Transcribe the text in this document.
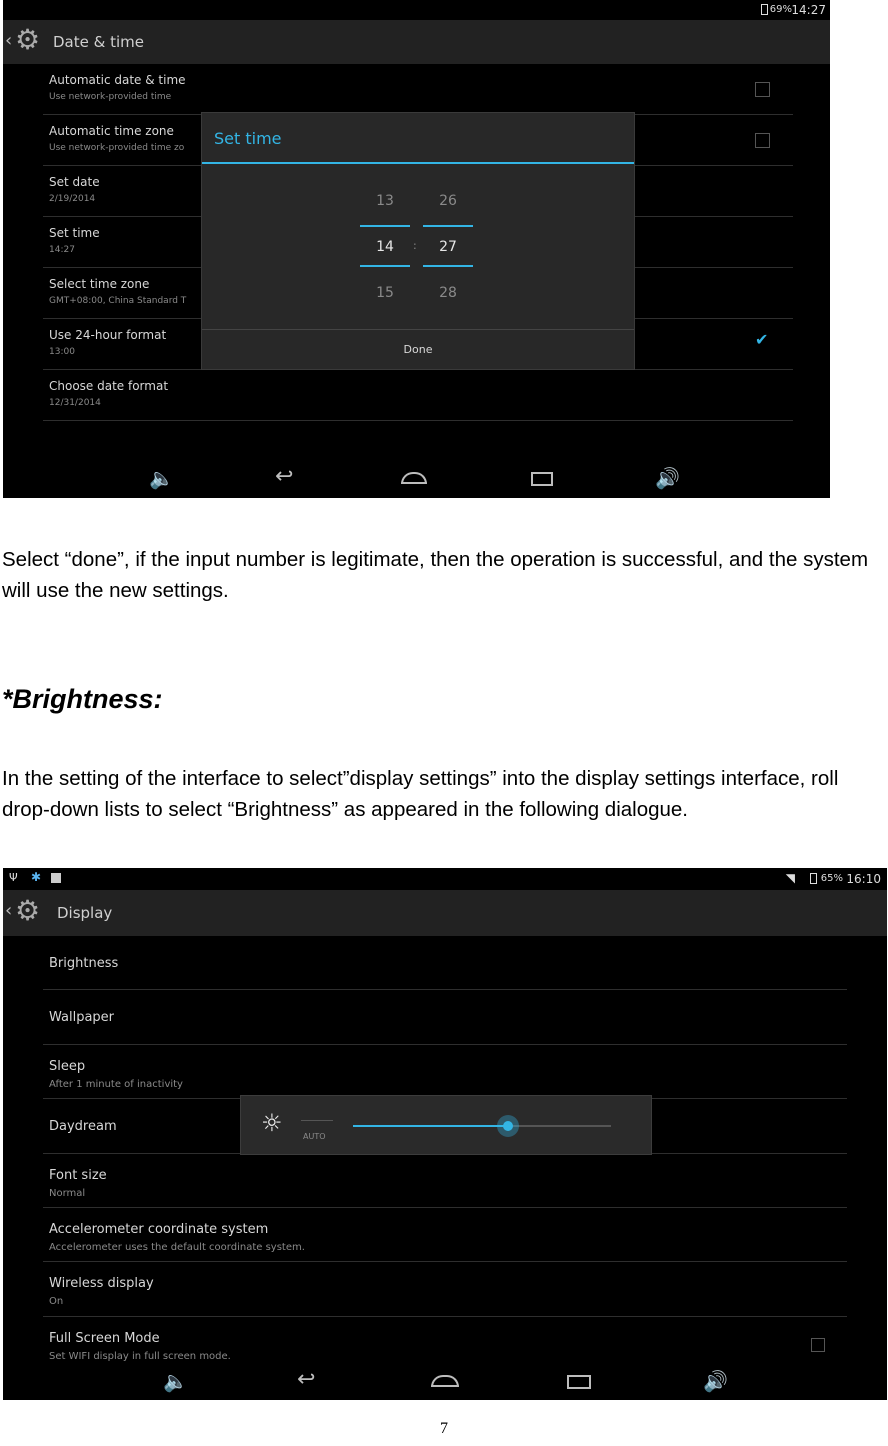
69% 14:27
‹ ⚙ Date & time
Automatic date & time
Use network-provided time
Automatic time zone
Use network-provided time zo
Set date
2/19/2014
Set time
14:27
Select time zone
GMT+08:00, China Standard T
Use 24-hour format
13:00
Choose date format
12/31/2014
✔
Set time
13
14
15
:
26
27
28
Done
🔈	↩	🔊
Select “done”, if the input number is legitimate, then the operation is successful, and the system will use the new settings.
*Brightness:
In the setting of the interface to select”display settings” into the display settings interface, roll drop-down lists to select “Brightness” as appeared in the following dialogue.
Ψ ✱	◥	65% 16:10
‹ ⚙ Display
Brightness
Wallpaper
Sleep
After 1 minute of inactivity
Daydream
Font size
Normal
Accelerometer coordinate system
Accelerometer uses the default coordinate system.
Wireless display
On
Full Screen Mode
Set WIFI display in full screen mode.
☼	AUTO
🔈	↩	🔊
7
